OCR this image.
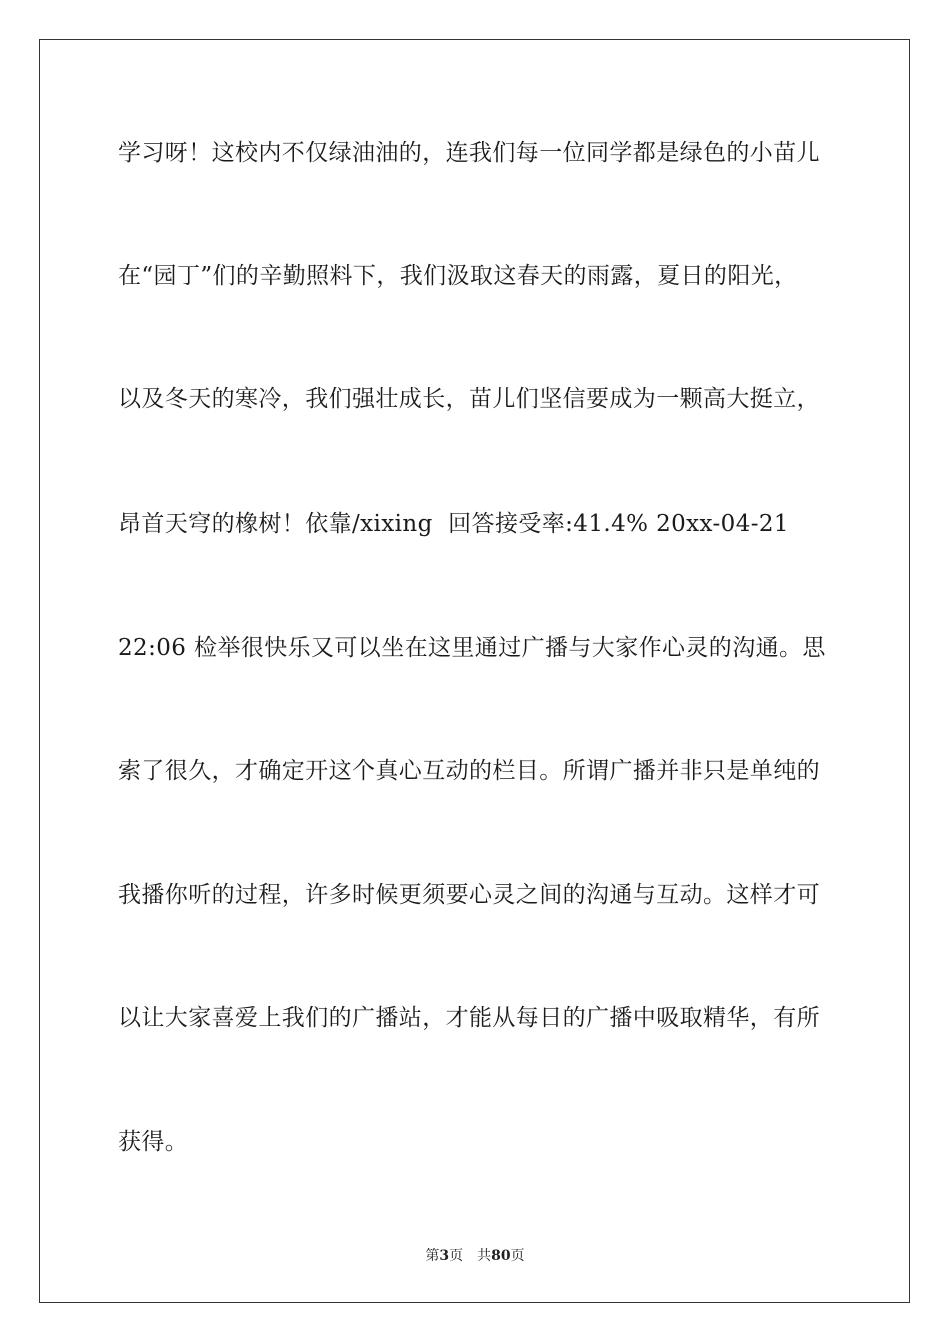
学习呀！这校内不仅绿油油的，连我们每一位同学都是绿色的小苗儿
在“园丁”们的辛勤照料下，我们汲取这春天的雨露，夏日的阳光，
以及冬天的寒冷，我们强壮成长，苗儿们坚信要成为一颗高大挺立，
昂首天穹的橡树！依靠/xixing  回答接受率:41.4% 20xx-04-21
22:06 检举很快乐又可以坐在这里通过广播与大家作心灵的沟通。思
索了很久，才确定开这个真心互动的栏目。所谓广播并非只是单纯的
我播你听的过程，许多时候更须要心灵之间的沟通与互动。这样才可
以让大家喜爱上我们的广播站，才能从每日的广播中吸取精华，有所
获得。
第3页 共80页
